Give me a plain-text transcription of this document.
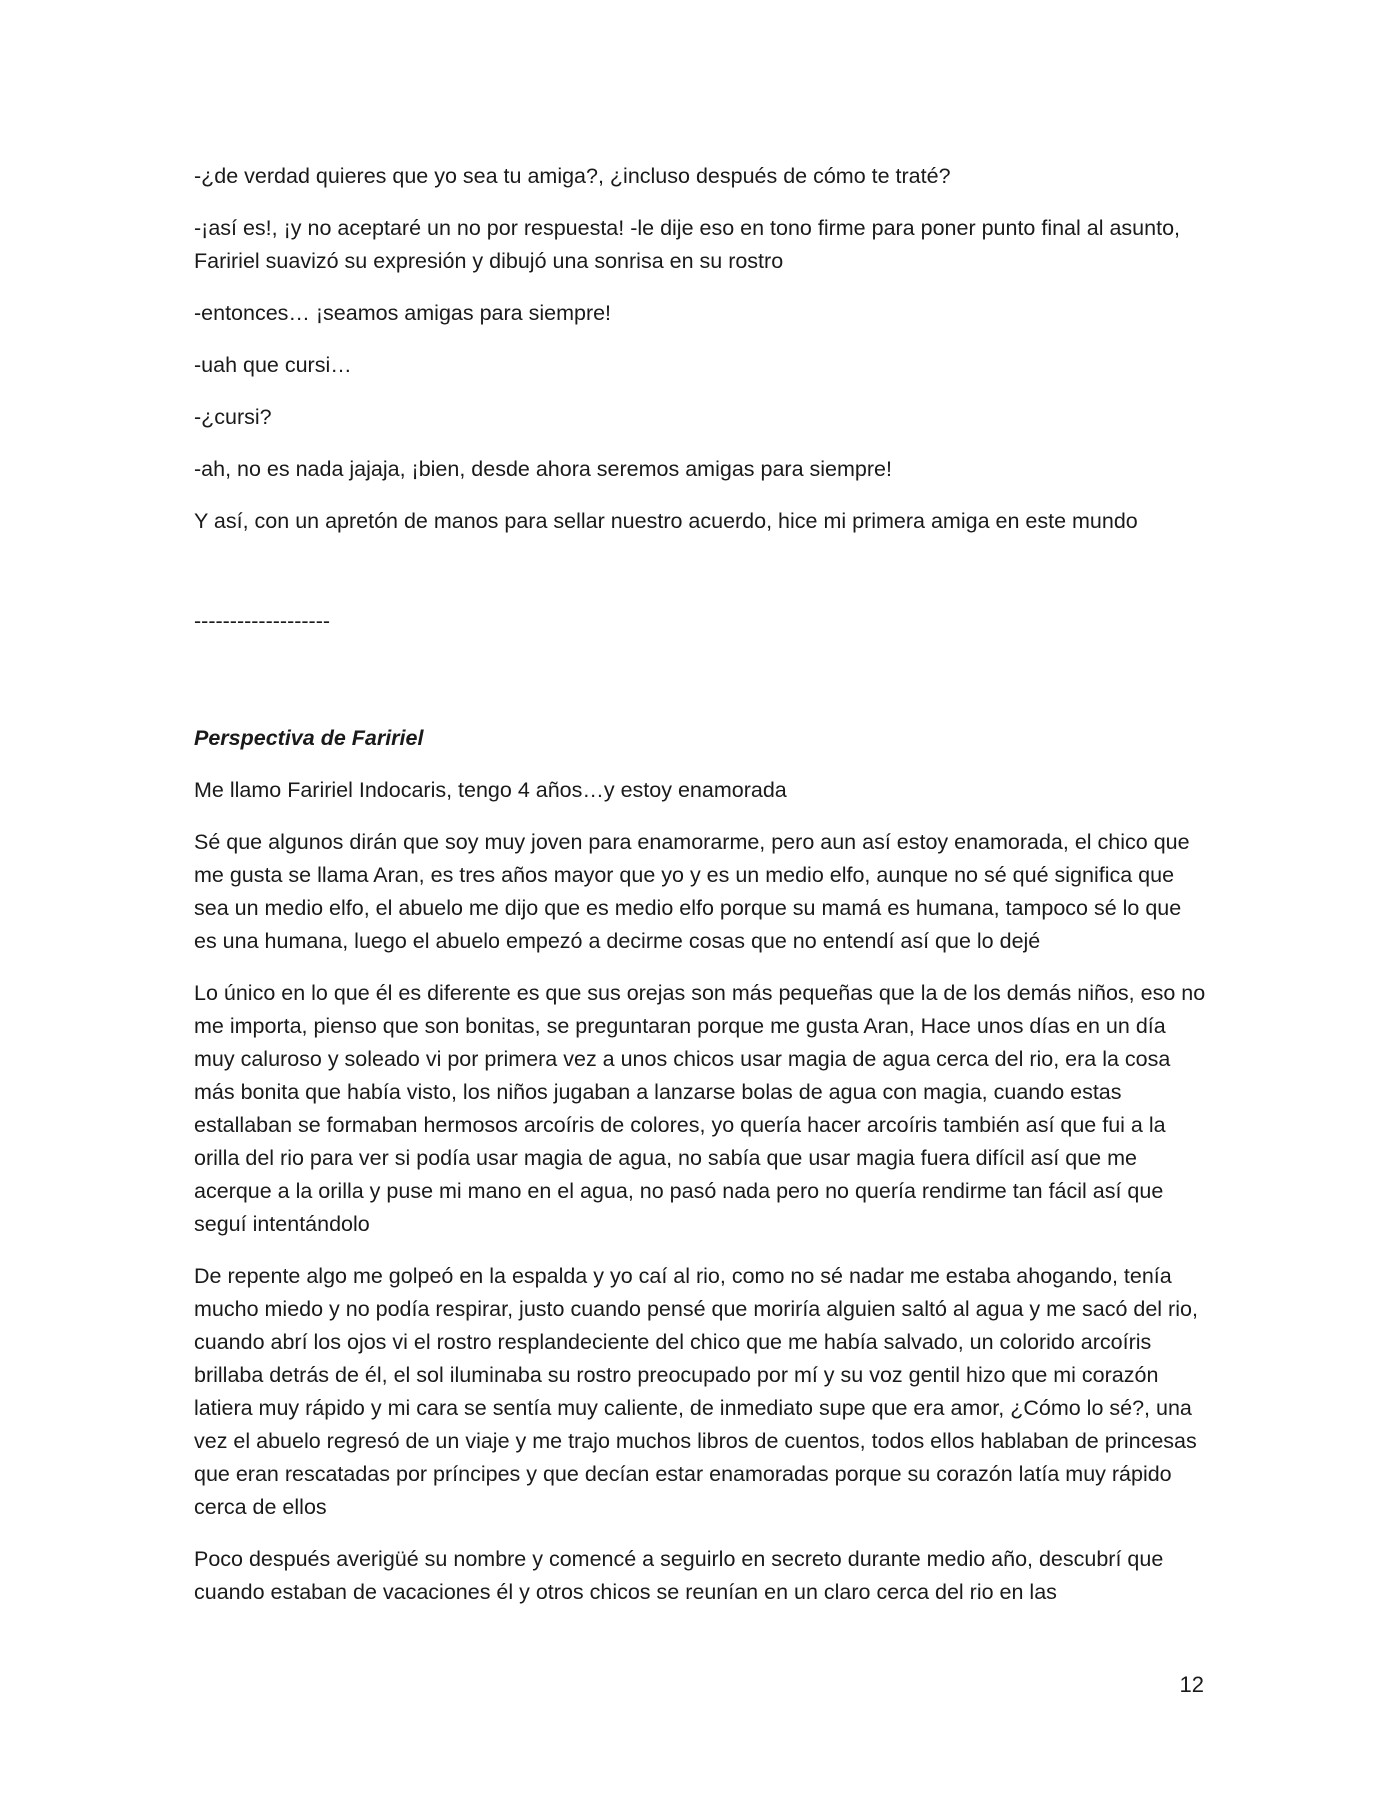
-¿de verdad quieres que yo sea tu amiga?, ¿incluso después de cómo te traté?

-¡así es!, ¡y no aceptaré un no por respuesta! -le dije eso en tono firme para poner punto final al asunto, Faririel suavizó su expresión y dibujó una sonrisa en su rostro

-entonces… ¡seamos amigas para siempre!

-uah que cursi…

-¿cursi?

-ah, no es nada jajaja, ¡bien, desde ahora seremos amigas para siempre!

Y así, con un apretón de manos para sellar nuestro acuerdo, hice mi primera amiga en este mundo

-------------------

Perspectiva de Faririel

Me llamo Faririel Indocaris, tengo 4 años…y estoy enamorada

Sé que algunos dirán que soy muy joven para enamorarme, pero aun así estoy enamorada, el chico que me gusta se llama Aran, es tres años mayor que yo y es un medio elfo, aunque no sé qué significa que sea un medio elfo, el abuelo me dijo que es medio elfo porque su mamá es humana, tampoco sé lo que es una humana, luego el abuelo empezó a decirme cosas que no entendí así que lo dejé

Lo único en lo que él es diferente es que sus orejas son más pequeñas que la de los demás niños, eso no me importa, pienso que son bonitas, se preguntaran porque me gusta Aran, Hace unos días en un día muy caluroso y soleado vi por primera vez a unos chicos usar magia de agua cerca del rio, era la cosa más bonita que había visto, los niños jugaban a lanzarse bolas de agua con magia, cuando estas estallaban se formaban hermosos arcoíris de colores, yo quería hacer arcoíris también así que fui a la orilla del rio para ver si podía usar magia de agua, no sabía que usar magia fuera difícil así que me acerque a la orilla y puse mi mano en el agua, no pasó nada pero no quería rendirme tan fácil así que seguí intentándolo

De repente algo me golpeó en la espalda y yo caí al rio, como no sé nadar me estaba ahogando, tenía mucho miedo y no podía respirar, justo cuando pensé que moriría alguien saltó al agua y me sacó del rio, cuando abrí los ojos vi el rostro resplandeciente del chico que me había salvado, un colorido arcoíris brillaba detrás de él, el sol iluminaba su rostro preocupado por mí y su voz gentil hizo que mi corazón latiera muy rápido y mi cara se sentía muy caliente, de inmediato supe que era amor, ¿Cómo lo sé?, una vez el abuelo regresó de un viaje y me trajo muchos libros de cuentos, todos ellos hablaban de princesas que eran rescatadas por príncipes y que decían estar enamoradas porque su corazón latía muy rápido cerca de ellos

Poco después averigüé su nombre y comencé a seguirlo en secreto durante medio año, descubrí que cuando estaban de vacaciones él y otros chicos se reunían en un claro cerca del rio en las

12
